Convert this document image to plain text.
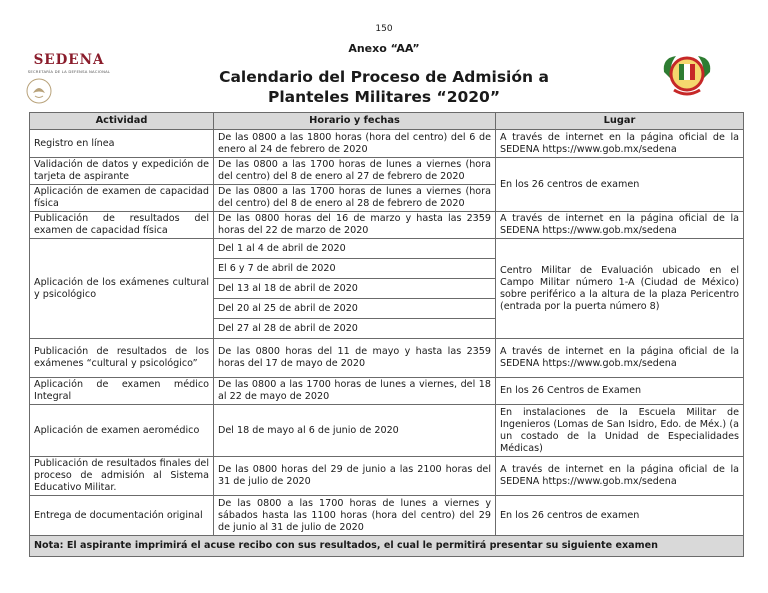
150
Anexo “AA”
SEDENA
SECRETARÍA DE LA DEFENSA NACIONAL	Calendario del Proceso de Admisión a
Planteles Militares “2020”
Actividad	Horario y fechas	Lugar
Registro en línea	De las 0800 a las 1800 horas (hora del centro) del 6 de enero al 24 de febrero de 2020	A través de internet en la página oficial de la SEDENA https://www.gob.mx/sedena
Validación de datos y expedición de tarjeta de aspirante	De las 0800 a las 1700 horas de lunes a viernes (hora del centro) del 8 de enero al 27 de febrero de 2020	En los 26 centros de examen
Aplicación de examen de capacidad física	De las 0800 a las 1700 horas de lunes a viernes (hora del centro) del 8 de enero al 28 de febrero de 2020	
Publicación de resultados del examen de capacidad física	De las 0800 horas del 16 de marzo y hasta las 2359 horas del 22 de marzo de 2020	A través de internet en la página oficial de la SEDENA https://www.gob.mx/sedena
Aplicación de los exámenes cultural y psicológico	Del 1 al 4 de abril de 2020	Centro Militar de Evaluación ubicado en el Campo Militar número 1-A (Ciudad de México) sobre periférico a la altura de la plaza Pericentro (entrada por la puerta número 8)
	El 6 y 7 de abril de 2020	
	Del 13 al 18 de abril de 2020	
	Del 20 al 25 de abril de 2020	
	Del 27 al 28 de abril de 2020	
Publicación de resultados de los exámenes “cultural y psicológico”	De las 0800 horas del 11 de mayo y hasta las 2359 horas del 17 de mayo de 2020	A través de internet en la página oficial de la SEDENA https://www.gob.mx/sedena
Aplicación de examen médico Integral	De las 0800 a las 1700 horas de lunes a viernes, del 18 al 22 de mayo de 2020	En los 26 Centros de Examen
Aplicación de examen aeromédico	Del 18 de mayo al 6 de junio de 2020	En instalaciones de la Escuela Militar de Ingenieros (Lomas de San Isidro, Edo. de Méx.) (a un costado de la Unidad de Especialidades Médicas)
Publicación de resultados finales del proceso de admisión al Sistema Educativo Militar.	De las 0800 horas del 29 de junio a las 2100 horas del 31 de julio de 2020	A través de internet en la página oficial de la SEDENA https://www.gob.mx/sedena
Entrega de documentación original	De las 0800 a las 1700 horas de lunes a viernes y sábados hasta las 1100 horas (hora del centro) del 29 de junio al 31 de julio de 2020	En los 26 centros de examen
Nota: El aspirante imprimirá el acuse recibo con sus resultados, el cual le permitirá presentar su siguiente examen		
